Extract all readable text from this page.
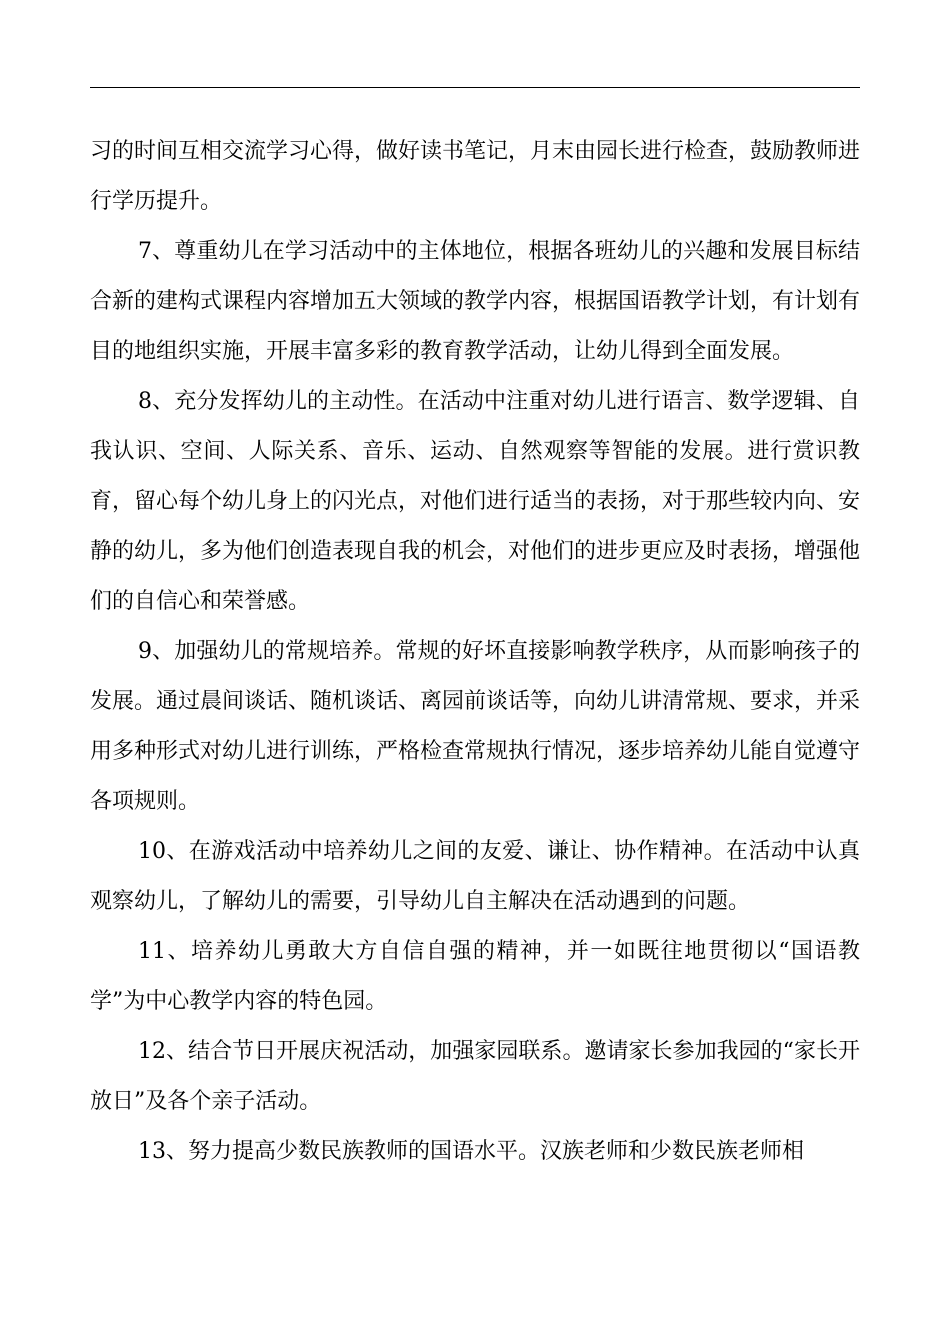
习的时间互相交流学习心得，做好读书笔记，月末由园长进行检查，鼓励教师进行学历提升。

7、尊重幼儿在学习活动中的主体地位，根据各班幼儿的兴趣和发展目标结合新的建构式课程内容增加五大领域的教学内容，根据国语教学计划，有计划有目的地组织实施，开展丰富多彩的教育教学活动，让幼儿得到全面发展。

8、充分发挥幼儿的主动性。在活动中注重对幼儿进行语言、数学逻辑、自我认识、空间、人际关系、音乐、运动、自然观察等智能的发展。进行赏识教育，留心每个幼儿身上的闪光点，对他们进行适当的表扬，对于那些较内向、安静的幼儿，多为他们创造表现自我的机会，对他们的进步更应及时表扬，增强他们的自信心和荣誉感。

9、加强幼儿的常规培养。常规的好坏直接影响教学秩序，从而影响孩子的发展。通过晨间谈话、随机谈话、离园前谈话等，向幼儿讲清常规、要求，并采用多种形式对幼儿进行训练，严格检查常规执行情况，逐步培养幼儿能自觉遵守各项规则。

10、在游戏活动中培养幼儿之间的友爱、谦让、协作精神。在活动中认真观察幼儿，了解幼儿的需要，引导幼儿自主解决在活动遇到的问题。

11、培养幼儿勇敢大方自信自强的精神，并一如既往地贯彻以“国语教学”为中心教学内容的特色园。

12、结合节日开展庆祝活动，加强家园联系。邀请家长参加我园的“家长开放日”及各个亲子活动。

13、努力提高少数民族教师的国语水平。汉族老师和少数民族老师相
